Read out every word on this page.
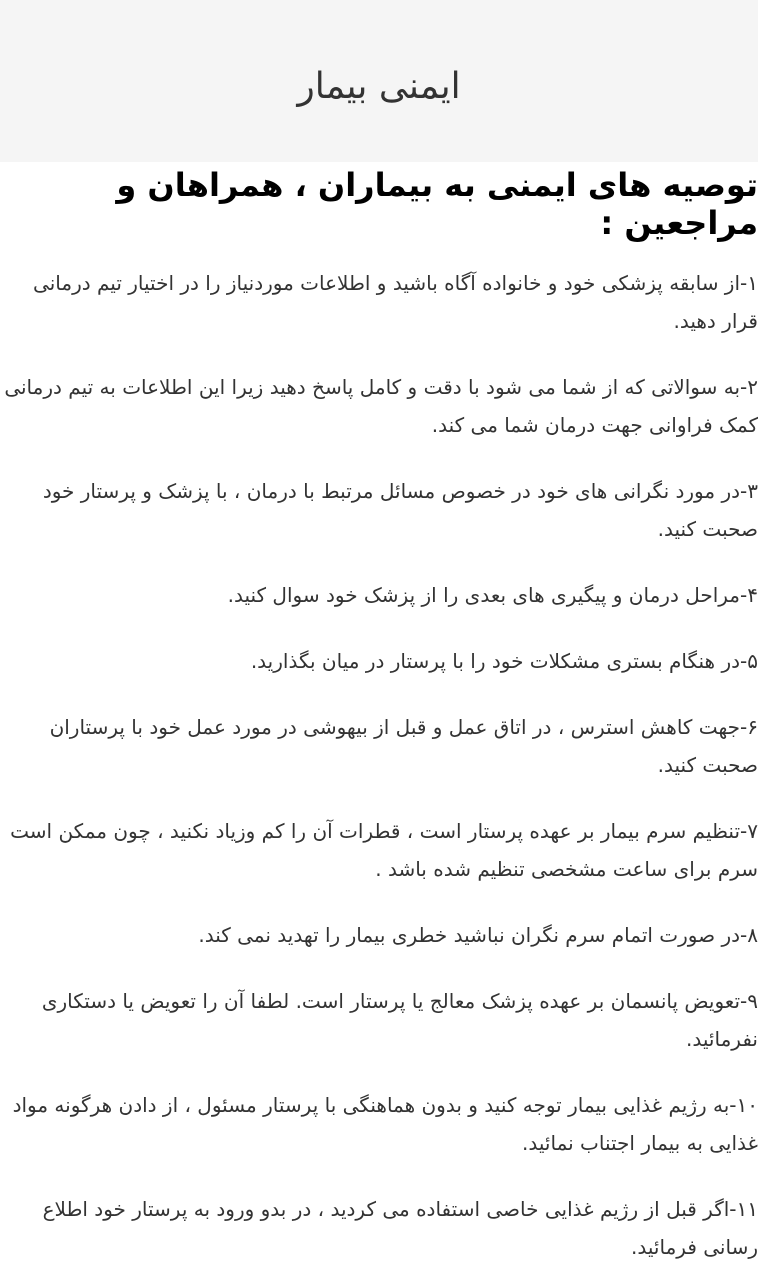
ایمنی بیمار
توصیه های ایمنی به بیماران ، همراهان و مراجعین :
۱-از سابقه پزشکی خود و خانواده آگاه باشید و اطلاعات موردنیاز را در اختیار تیم درمانی قرار دهید.
۲-به سوالاتی که از شما می شود با دقت و کامل پاسخ دهید زیرا این اطلاعات به تیم درمانی کمک فراوانی جهت درمان شما می کند.
۳-در مورد نگرانی های خود در خصوص مسائل مرتبط با درمان ، با پزشک و پرستار خود صحبت کنید.
۴-مراحل درمان و پیگیری های بعدی را از پزشک خود سوال کنید.
۵-در هنگام بستری مشکلات خود را با پرستار در میان بگذارید.
۶-جهت کاهش استرس ، در اتاق عمل و قبل از بیهوشی در مورد عمل خود با پرستاران صحبت کنید.
۷-تنظیم سرم بیمار بر عهده پرستار است ، قطرات آن را کم وزیاد نکنید ، چون ممکن است سرم برای ساعت مشخصی تنظیم شده باشد .
۸-در صورت اتمام سرم نگران نباشید خطری بیمار را تهدید نمی کند.
۹-تعویض پانسمان بر عهده پزشک معالج یا پرستار است. لطفا آن را تعویض یا دستکاری نفرمائید.
۱۰-به رژیم غذایی بیمار توجه کنید و بدون هماهنگی با پرستار مسئول ، از دادن هرگونه مواد غذایی به بیمار اجتناب نمائید.
۱۱-اگر قبل از رژیم غذایی خاصی استفاده می کردید ، در بدو ورود به پرستار خود اطلاع رسانی فرمائید.
